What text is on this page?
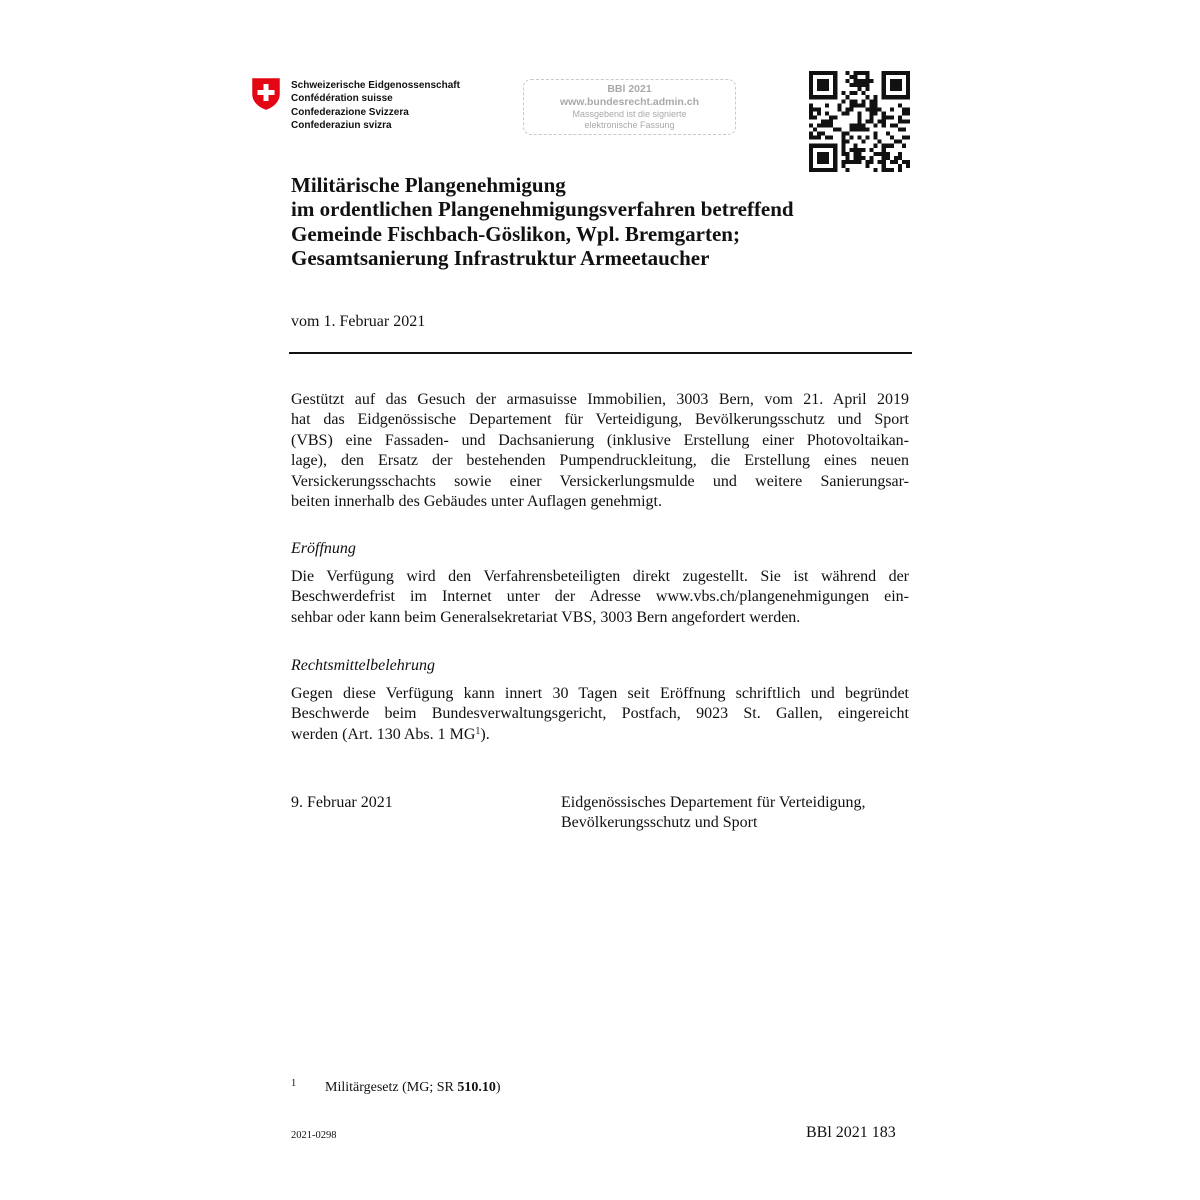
Schweizerische Eidgenossenschaft
Confédération suisse
Confederazione Svizzera
Confederaziun svizra
BBl 2021
www.bundesrecht.admin.ch
Massgebend ist die signierte
elektronische Fassung
Militärische Plangenehmigung
im ordentlichen Plangenehmigungsverfahren betreffend
Gemeinde Fischbach-Göslikon, Wpl. Bremgarten;
Gesamtsanierung Infrastruktur Armeetaucher
vom 1. Februar 2021
Gestützt auf das Gesuch der armasuisse Immobilien, 3003 Bern, vom 21. April 2019
hat das Eidgenössische Departement für Verteidigung, Bevölkerungsschutz und Sport
(VBS) eine Fassaden- und Dachsanierung (inklusive Erstellung einer Photovoltaikan-
lage), den Ersatz der bestehenden Pumpendruckleitung, die Erstellung eines neuen
Versickerungsschachts sowie einer Versickerlungsmulde und weitere Sanierungsar-
beiten innerhalb des Gebäudes unter Auflagen genehmigt.
Eröffnung
Die Verfügung wird den Verfahrensbeteiligten direkt zugestellt. Sie ist während der
Beschwerdefrist im Internet unter der Adresse www.vbs.ch/plangenehmigungen ein-
sehbar oder kann beim Generalsekretariat VBS, 3003 Bern angefordert werden.
Rechtsmittelbelehrung
Gegen diese Verfügung kann innert 30 Tagen seit Eröffnung schriftlich und begründet
Beschwerde beim Bundesverwaltungsgericht, Postfach, 9023 St. Gallen, eingereicht
werden (Art. 130 Abs. 1 $MG^1$).
9. Februar 2021	Eidgenössisches Departement für Verteidigung,
Bevölkerungsschutz und Sport
1 Militärgesetz (MG; SR 510.10)
2021-0298	BBl 2021 183
